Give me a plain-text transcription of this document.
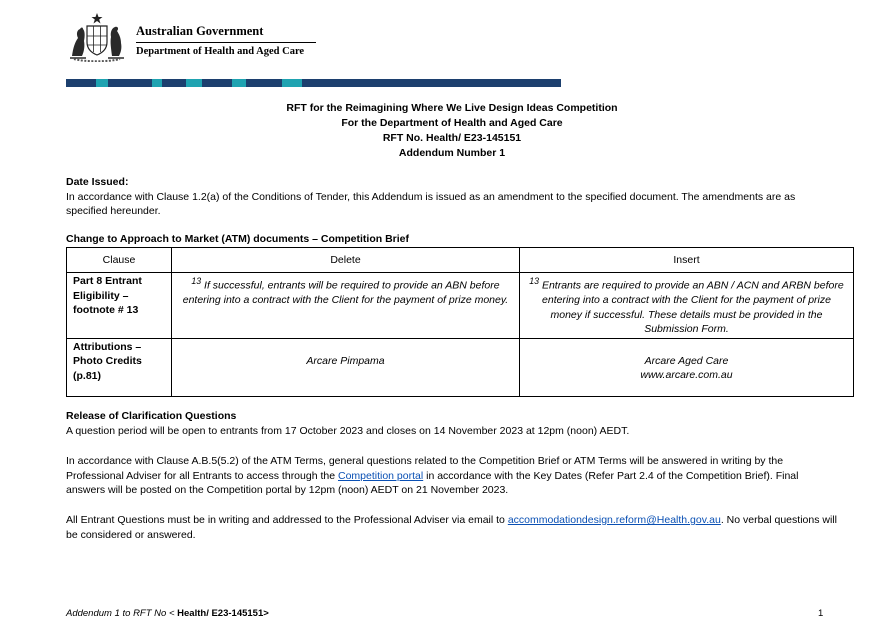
Australian Government
Department of Health and Aged Care
RFT for the Reimagining Where We Live Design Ideas Competition
For the Department of Health and Aged Care
RFT No. Health/ E23-145151
Addendum Number 1
Date Issued:
In accordance with Clause 1.2(a) of the Conditions of Tender, this Addendum is issued as an amendment to the specified document. The amendments are as specified hereunder.
Change to Approach to Market (ATM) documents – Competition Brief
Clause	Delete	Insert
Part 8 Entrant Eligibility – footnote # 13	$^{13}$ If successful, entrants will be required to provide an ABN before entering into a contract with the Client for the payment of prize money.	$^{13}$ Entrants are required to provide an ABN / ACN and ARBN before entering into a contract with the Client for the payment of prize money if successful. These details must be provided in the Submission Form.
Attributions – Photo Credits (p.81)	Arcare Pimpama	Arcare Aged Care
www.arcare.com.au
Release of Clarification Questions
A question period will be open to entrants from 17 October 2023 and closes on 14 November 2023 at 12pm (noon) AEDT.
In accordance with Clause A.B.5(5.2) of the ATM Terms, general questions related to the Competition Brief or ATM Terms will be answered in writing by the Professional Adviser for all Entrants to access through the Competition portal in accordance with the Key Dates (Refer Part 2.4 of the Competition Brief). Final answers will be posted on the Competition portal by 12pm (noon) AEDT on 21 November 2023.
All Entrant Questions must be in writing and addressed to the Professional Adviser via email to accommodationdesign.reform@Health.gov.au. No verbal questions will be considered or answered.
Addendum 1 to RFT No < Health/ E23-145151>	1
